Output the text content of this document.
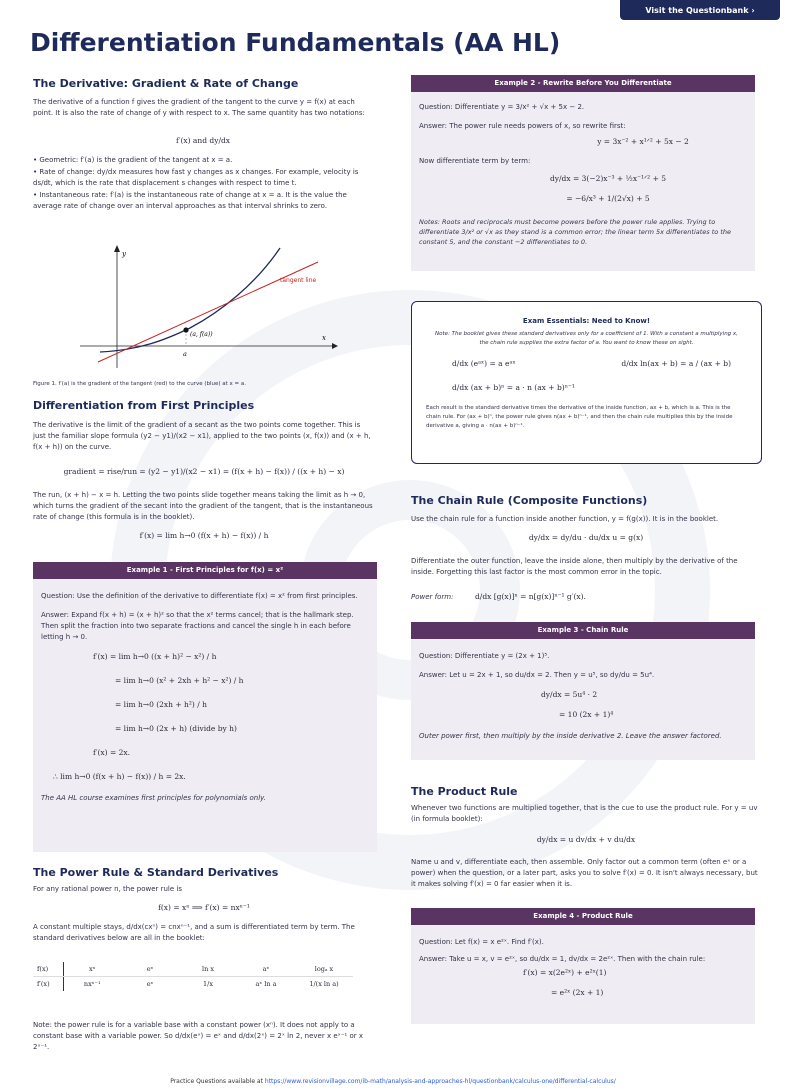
Visit the Questionbank ›
Differentiation Fundamentals (AA HL)
The Derivative: Gradient & Rate of Change

The derivative of a function f gives the gradient of the tangent to the curve y = f(x) at each point. It is also the rate of change of y with respect to x. The same quantity has two notations:

f′(x) and dy/dx
• Geometric: f′(a) is the gradient of the tangent at x = a.
• Rate of change: dy/dx measures how fast y changes as x changes. For example, velocity is ds/dt, which is the rate that displacement s changes with respect to time t.
• Instantaneous rate: f′(a) is the instantaneous rate of change at x = a. It is the value the average rate of change over an interval approaches as that interval shrinks to zero.
y
x
tangent line
(a, f(a))
a
Figure 1. f′(a) is the gradient of the tangent (red) to the curve (blue) at x = a.
Differentiation from First Principles

The derivative is the limit of the gradient of a secant as the two points come together. This is just the familiar slope formula (y2 − y1)/(x2 − x1), applied to the two points (x, f(x)) and (x + h, f(x + h)) on the curve.

gradient = rise/run = (y2 − y1)/(x2 − x1) = (f(x + h) − f(x)) / ((x + h) − x)

The run, (x + h) − x = h. Letting the two points slide together means taking the limit as h → 0, which turns the gradient of the secant into the gradient of the tangent, that is the instantaneous rate of change (this formula is in the booklet).

f′(x) = lim h→0 (f(x + h) − f(x)) / h
Example 1 - First Principles for f(x) = x²

Question: Use the definition of the derivative to differentiate f(x) = x² from first principles.

Answer: Expand f(x + h) = (x + h)² so that the x² terms cancel; that is the hallmark step. Then split the fraction into two separate fractions and cancel the single h in each before letting h → 0.

f′(x) = lim h→0 ((x + h)² − x²) / h
= lim h→0 (x² + 2xh + h² − x²) / h
= lim h→0 (2xh + h²) / h
= lim h→0 (2x + h) (divide by h)
f′(x) = 2x.
∴ lim h→0 (f(x + h) − f(x)) / h = 2x.

The AA HL course examines first principles for polynomials only.

The Power Rule & Standard Derivatives

For any rational power n, the power rule is

f(x) = xⁿ ⟹ f′(x) = nxⁿ⁻¹

A constant multiple stays, d/dx(cxⁿ) = cnxⁿ⁻¹, and a sum is differentiated term by term. The standard derivatives below are all in the booklet:

f(x)	xⁿ	eˣ	ln x	aˣ	logₐ x
f′(x)	nxⁿ⁻¹	eˣ	1/x	aˣ ln a	1/(x ln a)

Note: the power rule is for a variable base with a constant power (xⁿ). It does not apply to a constant base with a variable power. So d/dx(eˣ) = eˣ and d/dx(2ˣ) = 2ˣ ln 2, never x eˣ⁻¹ or x 2ˣ⁻¹.

Example 2 - Rewrite Before You Differentiate

Question: Differentiate y = 3/x² + √x + 5x − 2.

Answer: The power rule needs powers of x, so rewrite first:

y = 3x⁻² + x¹ᐟ² + 5x − 2

Now differentiate term by term:

dy/dx = 3(−2)x⁻³ + ½x⁻¹ᐟ² + 5
= −6/x³ + 1/(2√x) + 5

Notes: Roots and reciprocals must become powers before the power rule applies. Trying to differentiate 3/x² or √x as they stand is a common error; the linear term 5x differentiates to the constant 5, and the constant −2 differentiates to 0.

Exam Essentials: Need to Know!

Note: The booklet gives these standard derivatives only for a coefficient of 1. With a constant a multiplying x, the chain rule supplies the extra factor of a. You want to know these on sight.

d/dx (eᵃˣ) = a eᵃˣ	d/dx ln(ax + b) = a / (ax + b)
d/dx (ax + b)ⁿ = a · n (ax + b)ⁿ⁻¹

Each result is the standard derivative times the derivative of the inside function, ax + b, which is a. This is the chain rule. For (ax + b)ⁿ, the power rule gives n(ax + b)ⁿ⁻¹, and then the chain rule multiplies this by the inside derivative a, giving a · n(ax + b)ⁿ⁻¹.

The Chain Rule (Composite Functions)

Use the chain rule for a function inside another function, y = f(g(x)). It is in the booklet.

dy/dx = dy/du · du/dx u = g(x)

Differentiate the outer function, leave the inside alone, then multiply by the derivative of the inside. Forgetting this last factor is the most common error in the topic.

Power form:	d/dx [g(x)]ⁿ = n[g(x)]ⁿ⁻¹ g′(x).
Example 3 - Chain Rule

Question: Differentiate y = (2x + 1)⁵.

Answer: Let u = 2x + 1, so du/dx = 2. Then y = u⁵, so dy/du = 5u⁴.

dy/dx = 5u⁴ · 2
= 10 (2x + 1)⁴

Outer power first, then multiply by the inside derivative 2. Leave the answer factored.

The Product Rule

Whenever two functions are multiplied together, that is the cue to use the product rule. For y = uv (in formula booklet):

dy/dx = u dv/dx + v du/dx

Name u and v, differentiate each, then assemble. Only factor out a common term (often eˣ or a power) when the question, or a later part, asks you to solve f′(x) = 0. It isn't always necessary, but it makes solving f′(x) = 0 far easier when it is.

Example 4 - Product Rule

Question: Let f(x) = x e²ˣ. Find f′(x).

Answer: Take u = x, v = e²ˣ, so du/dx = 1, dv/dx = 2e²ˣ. Then with the chain rule:

f′(x) = x(2e²ˣ) + e²ˣ(1)
= e²ˣ (2x + 1)
Practice Questions available at https://www.revisionvillage.com/ib-math/analysis-and-approaches-hl/questionbank/calculus-one/differential-calculus/
